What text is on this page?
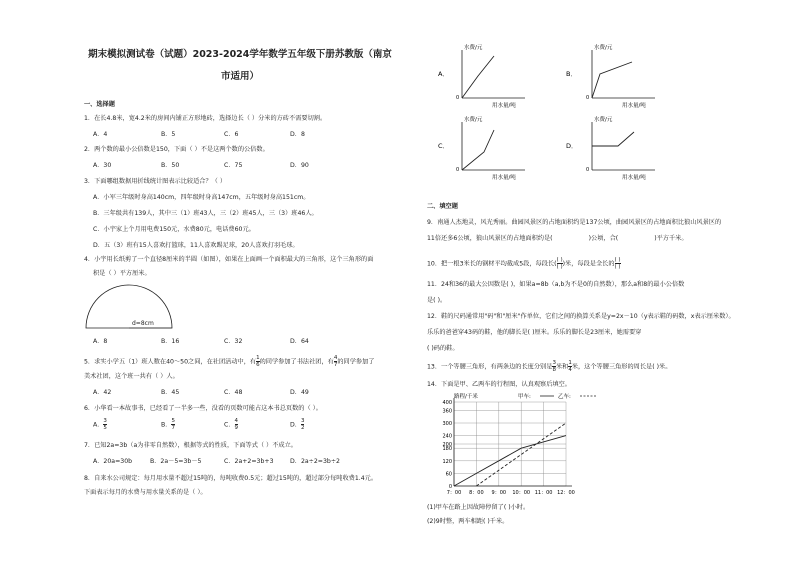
期末模拟测试卷（试题）2023-2024学年数学五年级下册苏教版（南京市适用）
一、选择题
1．在长4.8米，宽4.2米的房间内铺正方形地砖，选择边长（ ）分米的方砖不需要切割。
A．4	B．5	C．6	D．8
2．两个数的最小公倍数是150，下面（ ）不是这两个数的公倍数。
A．30	B．50	C．75	D．90
3．下面哪组数据用折线统计图表示比较适合？（ ）
A．小军三年级时身高140cm，四年级时身高147cm，五年级时身高151cm。
B．三年级共有139人，其中三（1）班43人，三（2）班45人，三（3）班46人。
C．小宇家上个月用电费150元，水费80元，电话费60元。
D．五（3）班有15人喜欢打篮球，11人喜欢踢足球，20人喜欢打羽毛球。
4．小宇用长纸剪了一个直径8厘米的半圆（如图），如果在上面画一个面积最大的三角形，这个三角形的面
积是（ ）平方厘米。
d=8cm
A．8	B．16	C．32	D．64
5．求实小学五（1）班人数在40～50之间，在社团活动中，有 $\frac{1}{6}$ 的同学参加了书法社团，有 $\frac{4}{7}$ 的同学参加了
美术社团，这个班一共有（ ）人。
A．42	B．45	C．48	D．49
6．小华看一本故事书，已经看了一半多一些，没看的页数可能占这本书总页数的（ ）。
A． $\frac{3}{5}$	B． $\frac{5}{7}$	C． $\frac{4}{9}$	D． $\frac{3}{2}$
7．已知2a=3b（a为非零自然数），根据等式的性质，下面等式（ ）不成立。
A．20a=30b	B．2a－5=3b－5	C．2a+2=3b+3	D．2a÷2=3b÷2
8．自来水公司规定：每月用水量不超过15吨的，每吨收费0.5元；超过15吨的，超过部分每吨收费1.4元。
下面表示每月的水费与用水量关系的是（ ）。
A．
水费/元
0
用水量/吨
B．
水费/元
0
用水量/吨
C．
水费/元
0
用水量/吨
D．
水费/元
0
用水量/吨
二、填空题
9．南通人杰地灵，风光秀丽。曲园风景区的占地面积约是137公顷，曲园风景区的占地面积比狼山风景区的
11倍还多6公顷，狼山风景区的占地面积约是(	)公顷，合(	)平方千米。
10．把一根3米长的钢材平均截成5段，每段长(
( )
( ) )米，每段是全长的
( )
( )
11．24和36的最大公因数是( )，如果a=8b（a,b为不是0的自然数），那么a和8的最小公倍数
是( )。
12．鞋的尺码通常用"码"和"厘米"作单位，它们之间的换算关系是y=2x－10（y表示鞋的码数，x表示厘米数）。
乐乐的爸爸穿43码的鞋，他的脚长是( )厘米。乐乐的脚长是23厘米，她需要穿
( )码的鞋。
13．一个等腰三角形，有两条边的长度分别是 $\frac{3}{8}$ 米和 $\frac{1}{4}$ 米，这个等腰三角形的周长是( )米。
14．下面是甲、乙两车的行程图，认真观察后填空。
路程/千米	甲车:	乙车:
400
360
300
240
200
180
120
60
0
7：00 8：00 9：00 10：00 11：00 12：00
(1)甲车在路上因故障停留了( )小时。
(2)9时整，两车相距( )千米。
